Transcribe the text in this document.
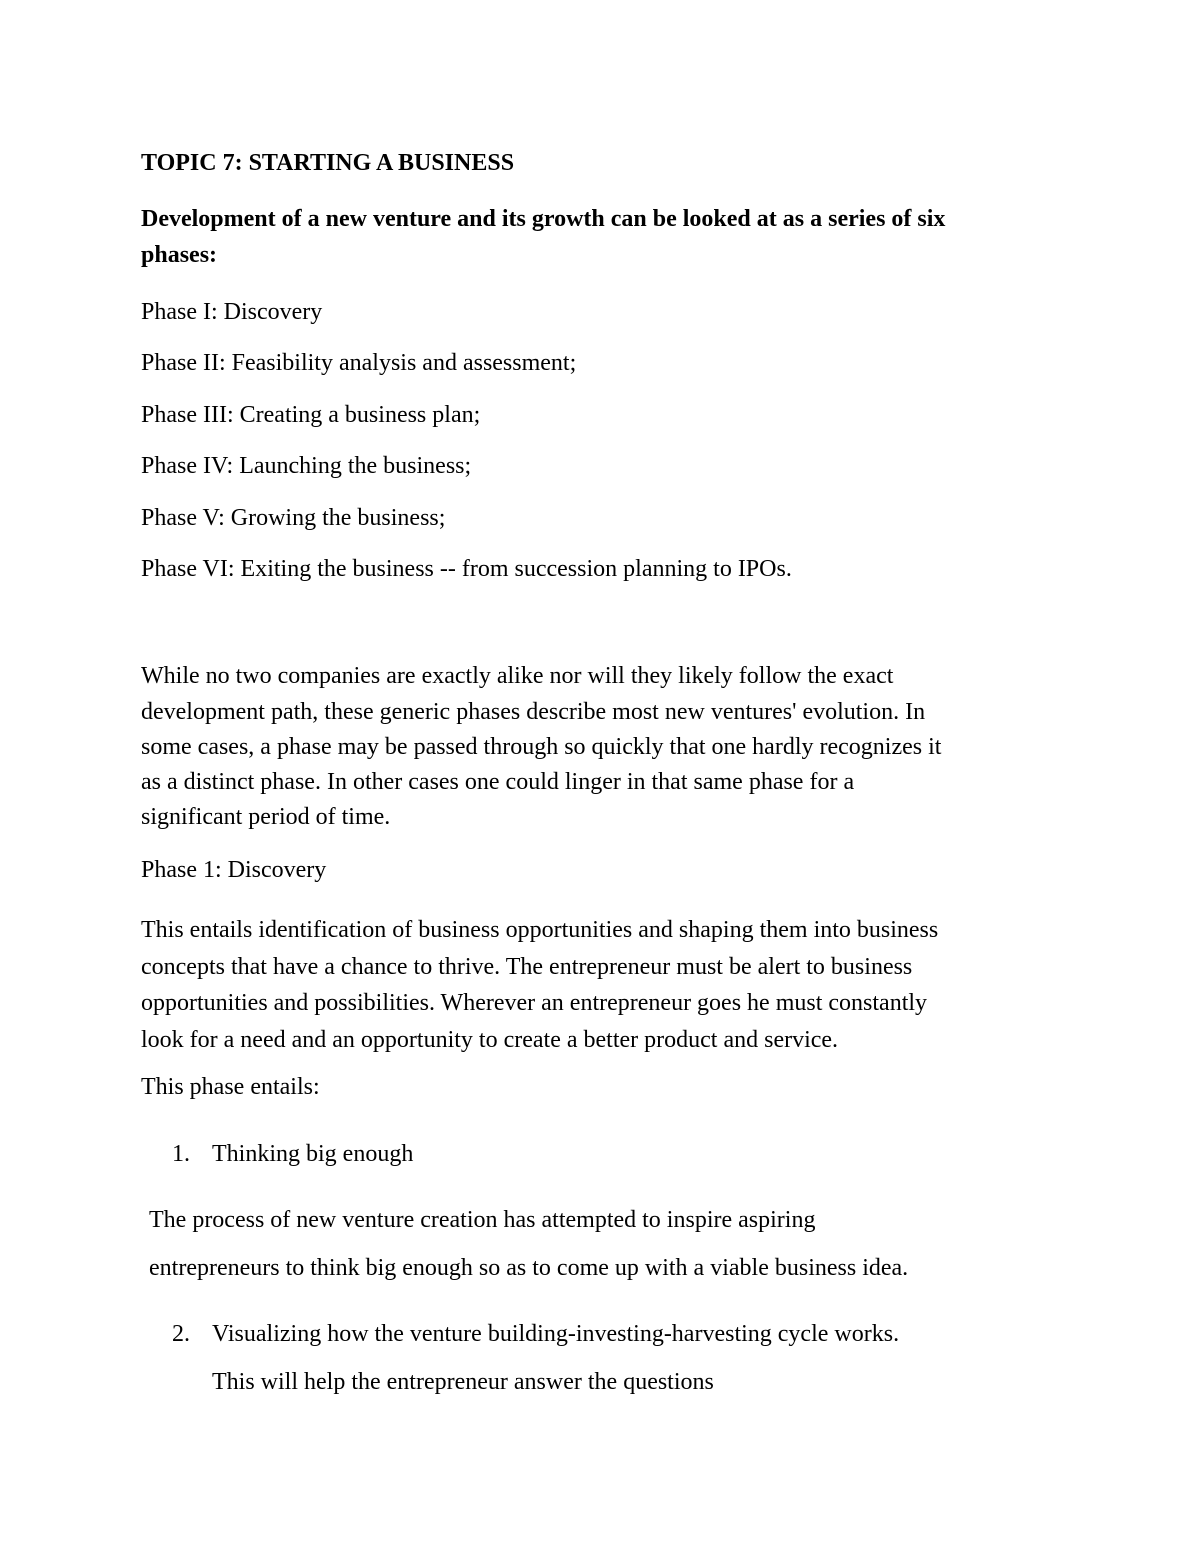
TOPIC 7: STARTING A BUSINESS

Development of a new venture and its growth can be looked at as a series of six

phases:

Phase I: Discovery

Phase II: Feasibility analysis and assessment;

Phase III: Creating a business plan;

Phase IV: Launching the business;

Phase V: Growing the business;

Phase VI: Exiting the business -- from succession planning to IPOs.

While no two companies are exactly alike nor will they likely follow the exact

development path, these generic phases describe most new ventures' evolution. In

some cases, a phase may be passed through so quickly that one hardly recognizes it

as a distinct phase. In other cases one could linger in that same phase for a

significant period of time.

Phase 1: Discovery

This entails identification of business opportunities and shaping them into business

concepts that have a chance to thrive. The entrepreneur must be alert to business

opportunities and possibilities. Wherever an entrepreneur goes he must constantly

look for a need and an opportunity to create a better product and service.

This phase entails:

1. Thinking big enough

The process of new venture creation has attempted to inspire aspiring

entrepreneurs to think big enough so as to come up with a viable business idea.

2. Visualizing how the venture building-investing-harvesting cycle works.
This will help the entrepreneur answer the questions
